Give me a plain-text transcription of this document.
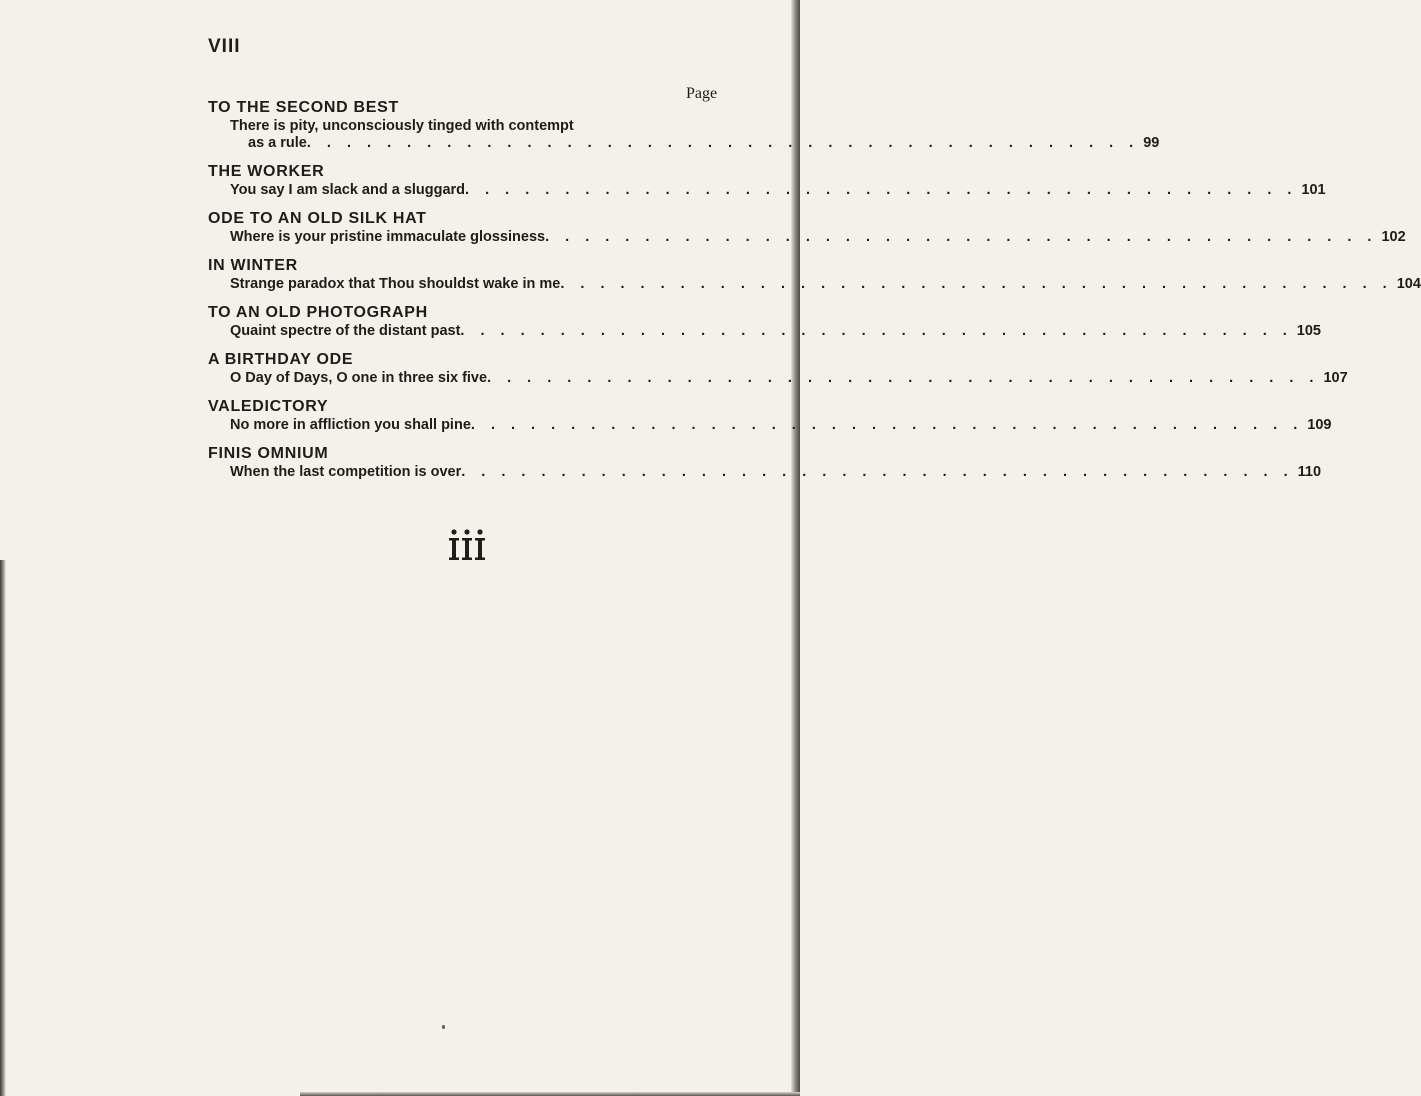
VIII
Page
TO THE SECOND BEST
There is pity, unconsciously tinged with contempt
as a rule . . . . . . . . . . . . . . . . . . . . . . . . . . . . . . . . . . . . . . . . . . 99
THE WORKER
You say I am slack and a sluggard . . . . . . . . . . . . . . . . . . . . . . . . . . . . . . . . . . . . . . . . . . 101
ODE TO AN OLD SILK HAT
Where is your pristine immaculate glossiness . . . . . . . . . . . . . . . . . . . . . . . . . . . . . . . . . . . . . . . . . . 102
IN WINTER
Strange paradox that Thou shouldst wake in me . . . . . . . . . . . . . . . . . . . . . . . . . . . . . . . . . . . . . . . . . . 104
TO AN OLD PHOTOGRAPH
Quaint spectre of the distant past . . . . . . . . . . . . . . . . . . . . . . . . . . . . . . . . . . . . . . . . . . 105
A BIRTHDAY ODE
O Day of Days, O one in three six five . . . . . . . . . . . . . . . . . . . . . . . . . . . . . . . . . . . . . . . . . . 107
VALEDICTORY
No more in affliction you shall pine . . . . . . . . . . . . . . . . . . . . . . . . . . . . . . . . . . . . . . . . . . 109
FINIS OMNIUM
When the last competition is over . . . . . . . . . . . . . . . . . . . . . . . . . . . . . . . . . . . . . . . . . . 110
